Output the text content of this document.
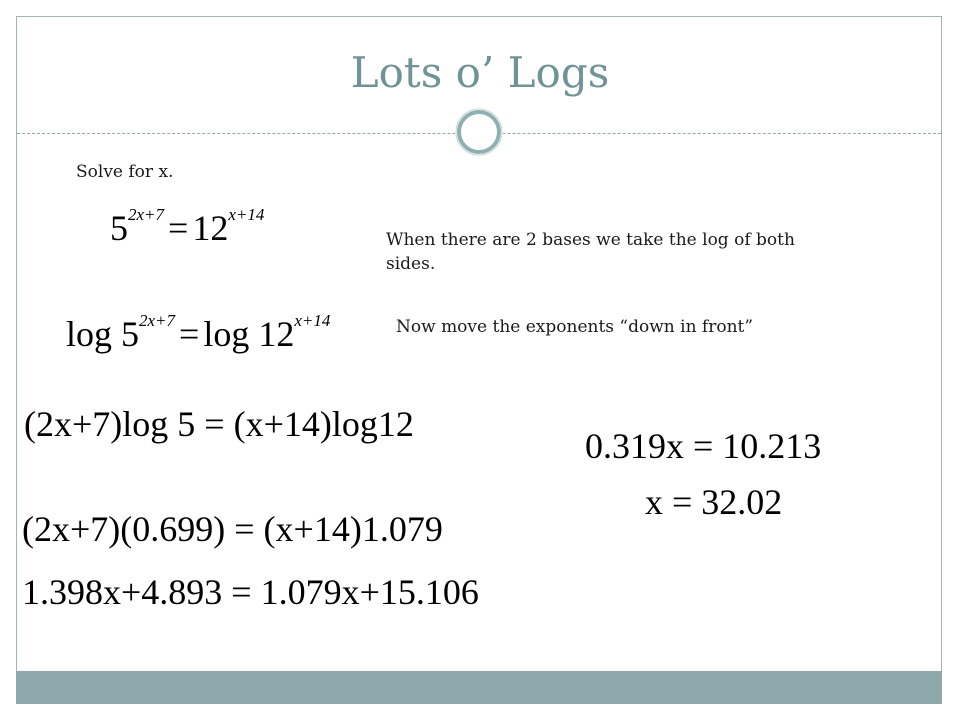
Lots o’ Logs
Solve for x.
When there are 2 bases we take the log of both sides.
Now move the exponents “down in front”
$5^{2x+7} = 12^{x+14}$
$\log 5^{2x+7} = \log 12^{x+14}$
(2x+7)log 5 = (x+14)log12
(2x+7)(0.699) = (x+14)1.079
1.398x+4.893 = 1.079x+15.106
0.319x = 10.213
x = 32.02
